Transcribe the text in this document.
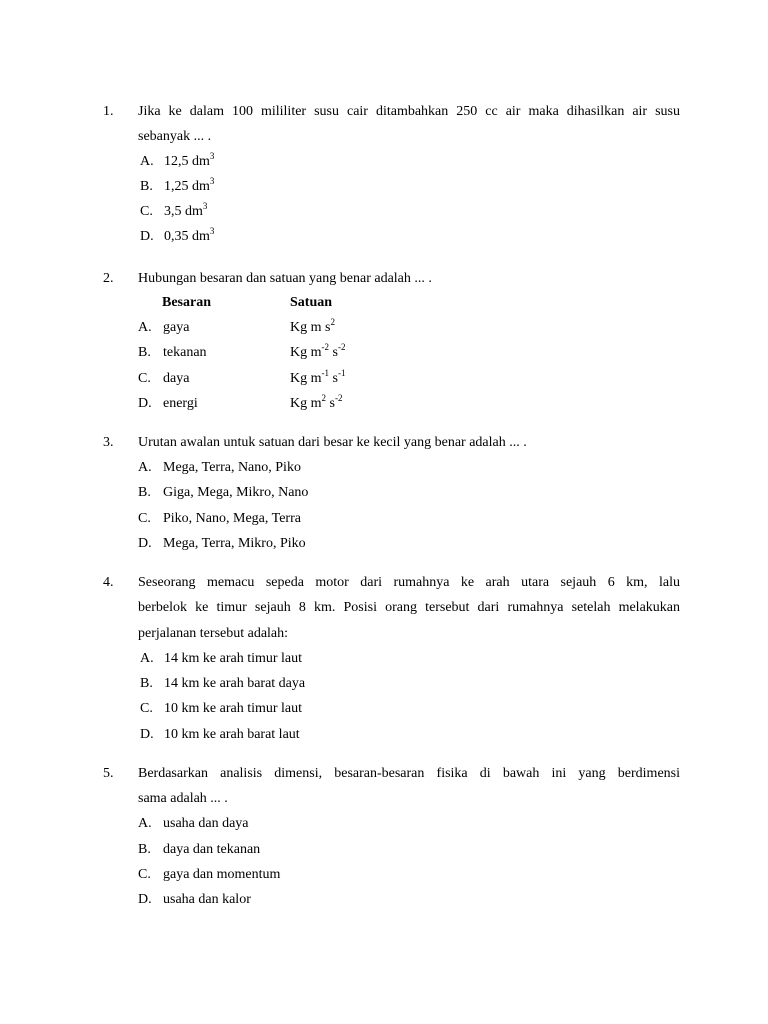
1. Jika ke dalam 100 mililiter susu cair ditambahkan 250 cc air maka dihasilkan air susu
sebanyak ... .
A. 12,5 $dm^3$
B. 1,25 $dm^3$
C. 3,5 $dm^3$
D. 0,35 $dm^3$
2. Hubungan besaran dan satuan yang benar adalah ... .
Besaran	Satuan
A. gaya	Kg m $s^2$
B. tekanan	Kg $m^{-2}$ $s^{-2}$
C. daya	Kg $m^{-1}$ $s^{-1}$
D. energi	Kg $m^2$ $s^{-2}$
3. Urutan awalan untuk satuan dari besar ke kecil yang benar adalah ... .
A. Mega, Terra, Nano, Piko
B. Giga, Mega, Mikro, Nano
C. Piko, Nano, Mega, Terra
D. Mega, Terra, Mikro, Piko
4. Seseorang memacu sepeda motor dari rumahnya ke arah utara sejauh 6 km, lalu
berbelok ke timur sejauh 8 km. Posisi orang tersebut dari rumahnya setelah melakukan
perjalanan tersebut adalah:
A. 14 km ke arah timur laut
B. 14 km ke arah barat daya
C. 10 km ke arah timur laut
D. 10 km ke arah barat laut
5. Berdasarkan analisis dimensi, besaran-besaran fisika di bawah ini yang berdimensi
sama adalah ... .
A. usaha dan daya
B. daya dan tekanan
C. gaya dan momentum
D. usaha dan kalor
